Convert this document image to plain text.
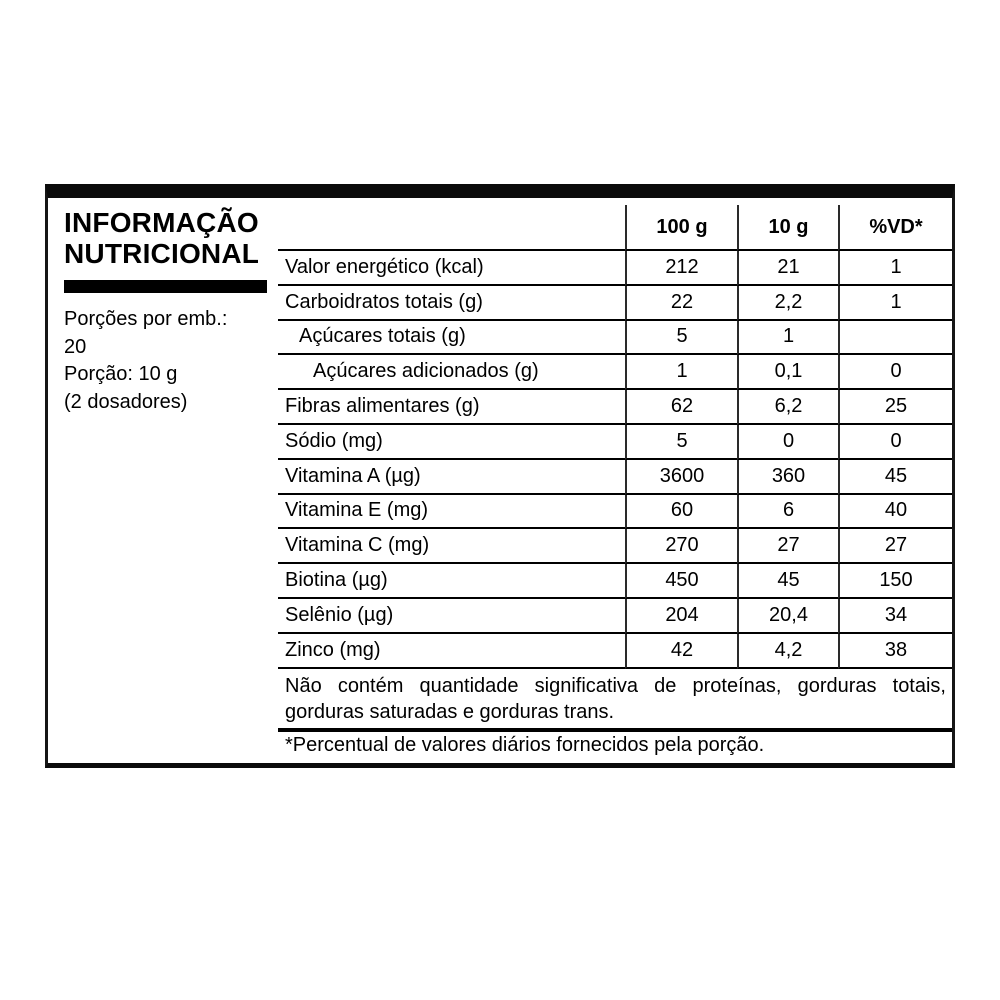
INFORMAÇÃO NUTRICIONAL
Porções por emb.:
20
Porção: 10 g
(2 dosadores)
100 g	10 g	%VD*
Valor energético (kcal)	212	21	1
Carboidratos totais (g)	22	2,2	1
Açúcares totais (g)	5	1
Açúcares adicionados (g)	1	0,1	0
Fibras alimentares (g)	62	6,2	25
Sódio (mg)	5	0	0
Vitamina A (µg)	3600	360	45
Vitamina E (mg)	60	6	40
Vitamina C (mg)	270	27	27
Biotina (µg)	450	45	150
Selênio (µg)	204	20,4	34
Zinco (mg)	42	4,2	38
Não contém quantidade significativa de proteínas, gorduras totais, gorduras saturadas e gorduras trans.
*Percentual de valores diários fornecidos pela porção.
